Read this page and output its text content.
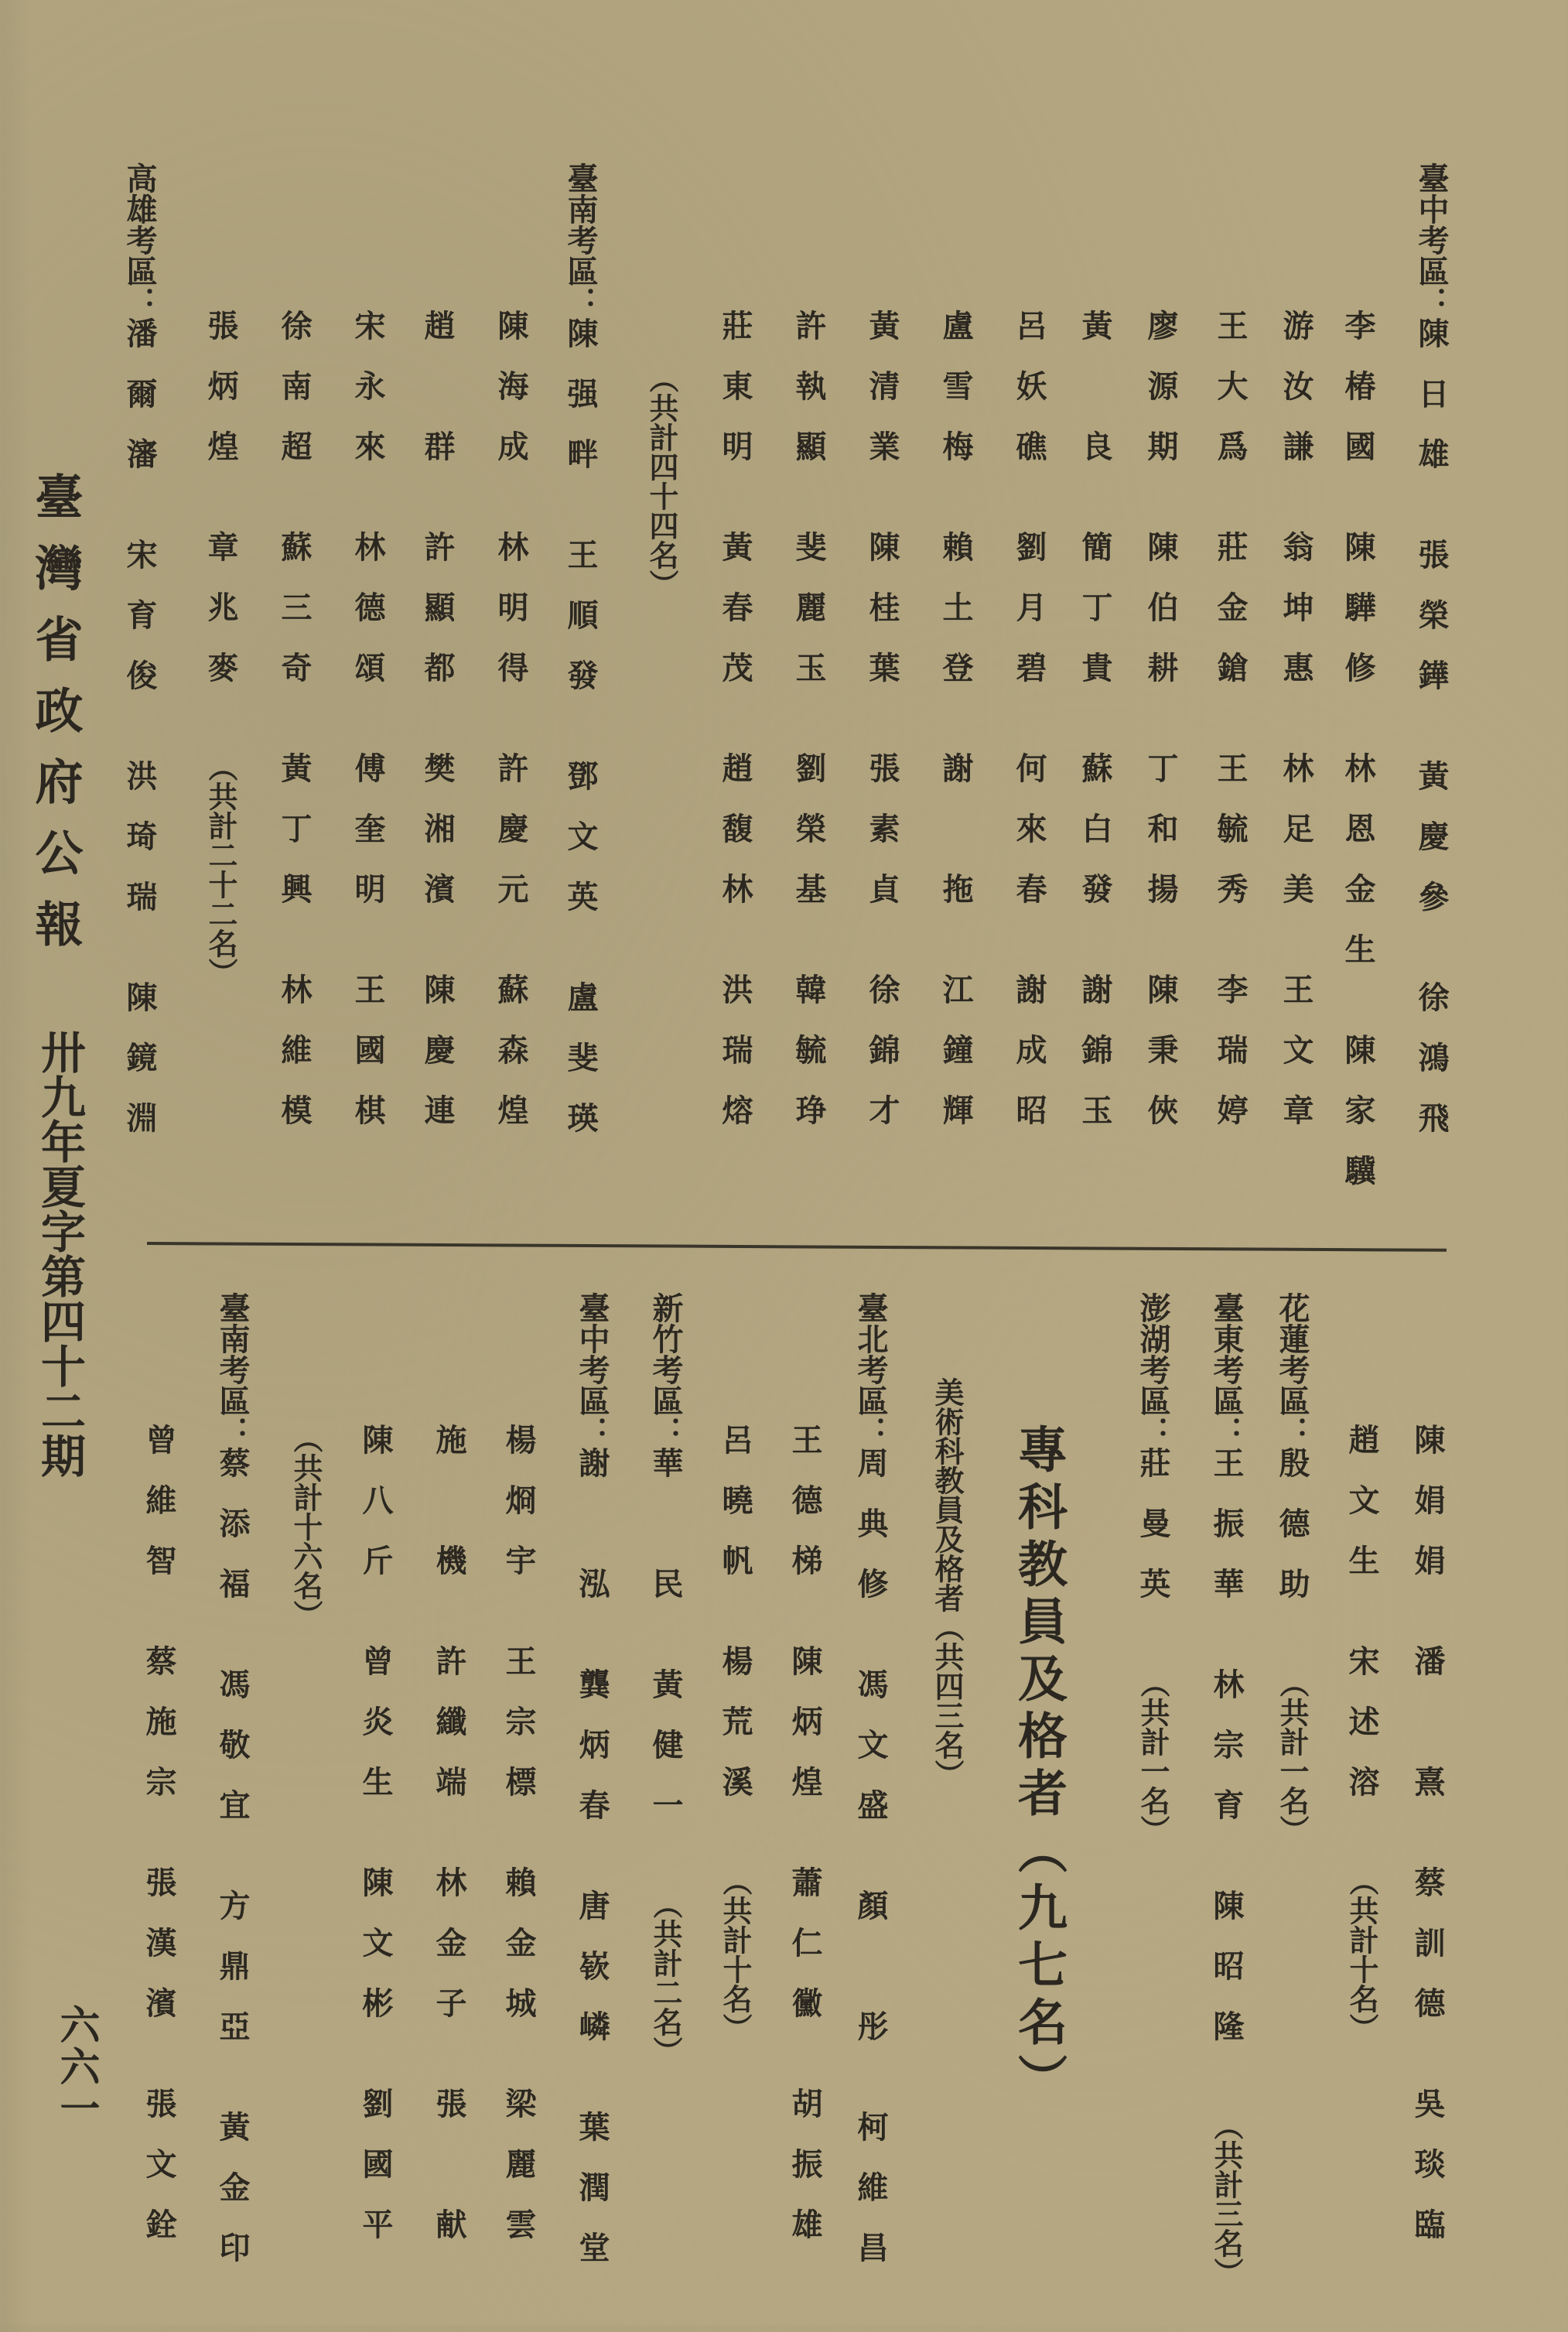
臺灣省政府公報
卅九年夏字第四十二期
六六一
臺中考區：陳日雄張榮鏵黃慶參徐鴻飛
李椿國陳驊修林恩金生陳家驥
游汝謙翁坤惠林足美王文章
王大爲莊金鎗王毓秀李瑞婷
廖源期陳伯耕丁和揚陳秉俠
黃　良簡丁貴蘇白發謝錦玉
呂妖礁劉月碧何來春謝成昭
盧雪梅賴土登謝　拖江鐘輝
黃清業陳桂葉張素貞徐錦才
許執顯斐麗玉劉榮基韓毓琤
莊東明黃春茂趙馥林洪瑞熔
（共計四十四名）
臺南考區：陳强畔王順發鄧文英盧斐瑛
陳海成林明得許慶元蘇森煌
趙　群許顯都樊湘濱陳慶連
宋永來林德頌傅奎明王國棋
徐南超蘇三奇黃丁興林維模
張炳煌章兆麥（共計二十二名）
高雄考區：潘爾瀋宋育俊洪琦瑞陳鏡淵
專科教員及格者（九七名）
美術科教員及格者（共四三名）	陳娟娟潘　熹蔡訓德吳琰臨
趙文生宋述溶（共計十名）
花蓮考區：殷德助（共計一名）
臺東考區：王振華林宗育陳昭隆（共計三名）
澎湖考區：莊曼英（共計一名）
臺北考區：周典修馮文盛顏　彤柯維昌
王德梯陳炳煌蕭仁黴胡振雄
呂曉帆楊荒溪（共計十名）
新竹考區：華　民黃健一（共計二名）
臺中考區：謝　泓龔炳春唐嵚嶙葉潤堂
楊烱宇王宗標賴金城梁麗雲
施　機許纖端林金子張　献
陳八斤曾炎生陳文彬劉國平
（共計十六名）
臺南考區：蔡添福馮敬宜方鼎亞黃金印
曾維智蔡施宗張漢濱張文銓
